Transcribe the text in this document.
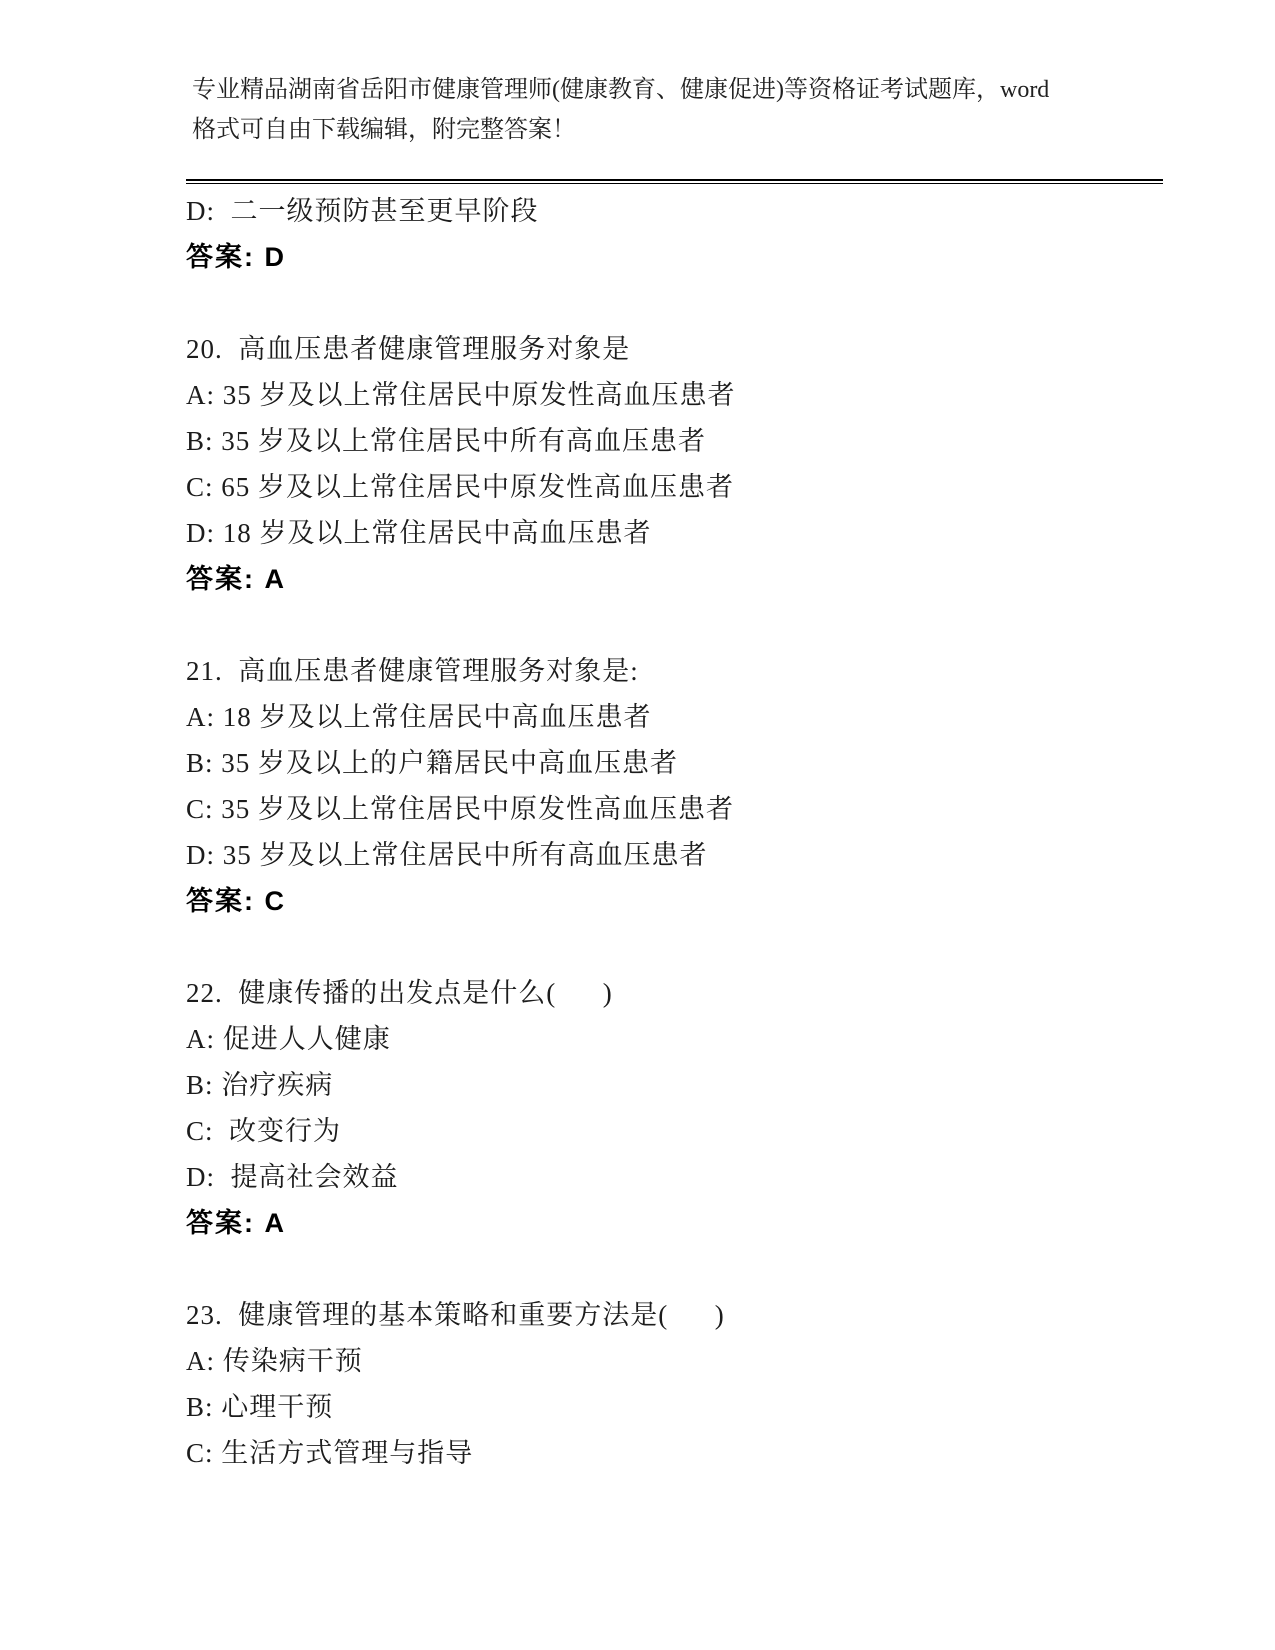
专业精品湖南省岳阳市健康管理师(健康教育、健康促进)等资格证考试题库，word
格式可自由下载编辑，附完整答案！
D:  二一级预防甚至更早阶段
答案: D
20.  高血压患者健康管理服务对象是
A: 35 岁及以上常住居民中原发性高血压患者
B: 35 岁及以上常住居民中所有高血压患者
C: 65 岁及以上常住居民中原发性高血压患者
D: 18 岁及以上常住居民中高血压患者
答案: A
21.  高血压患者健康管理服务对象是:
A: 18 岁及以上常住居民中高血压患者
B: 35 岁及以上的户籍居民中高血压患者
C: 35 岁及以上常住居民中原发性高血压患者
D: 35 岁及以上常住居民中所有高血压患者
答案: C
22.  健康传播的出发点是什么(      )
A: 促进人人健康
B: 治疗疾病
C:  改变行为
D:  提高社会效益
答案: A
23.  健康管理的基本策略和重要方法是(      )
A: 传染病干预
B: 心理干预
C: 生活方式管理与指导
